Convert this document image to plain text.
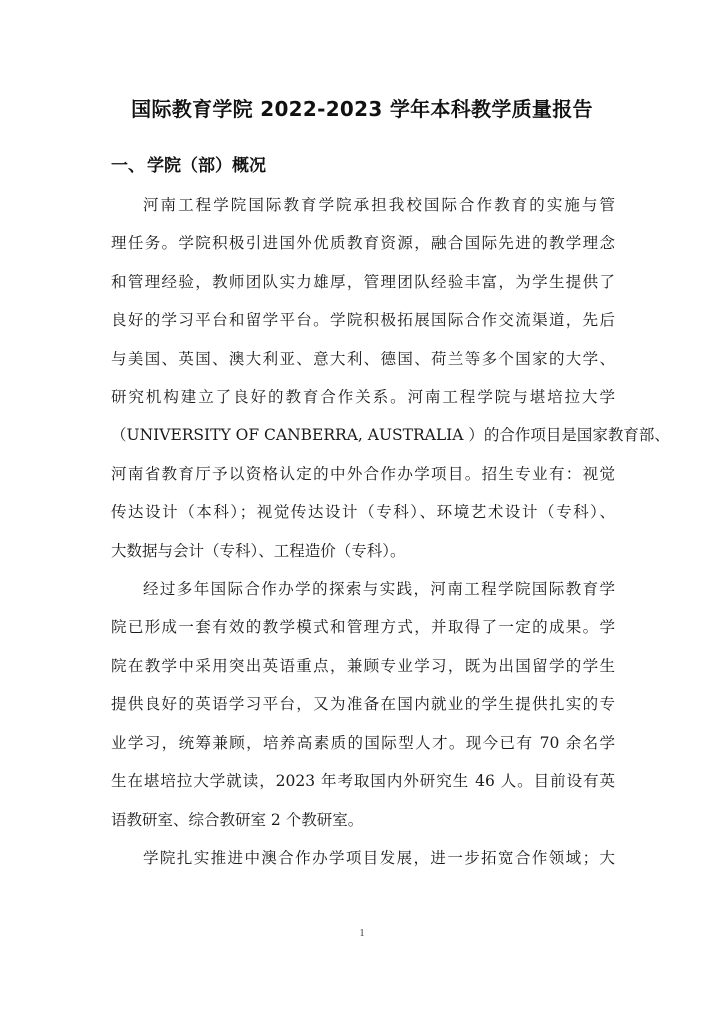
国际教育学院 2022-2023 学年本科教学质量报告
一、 学院（部）概况

河南工程学院国际教育学院承担我校国际合作教育的实施与管
理任务。学院积极引进国外优质教育资源，融合国际先进的教学理念
和管理经验，教师团队实力雄厚，管理团队经验丰富，为学生提供了
良好的学习平台和留学平台。学院积极拓展国际合作交流渠道，先后
与美国、英国、澳大利亚、意大利、德国、荷兰等多个国家的大学、
研究机构建立了良好的教育合作关系。河南工程学院与堪培拉大学
（UNIVERSITY OF CANBERRA, AUSTRALIA ）的合作项目是国家教育部、
河南省教育厅予以资格认定的中外合作办学项目。招生专业有：视觉
传达设计（本科）；视觉传达设计（专科）、环境艺术设计（专科）、
大数据与会计（专科）、工程造价（专科）。

经过多年国际合作办学的探索与实践，河南工程学院国际教育学
院已形成一套有效的教学模式和管理方式，并取得了一定的成果。学
院在教学中采用突出英语重点，兼顾专业学习，既为出国留学的学生
提供良好的英语学习平台，又为准备在国内就业的学生提供扎实的专
业学习，统筹兼顾，培养高素质的国际型人才。现今已有 70 余名学
生在堪培拉大学就读，2023 年考取国内外研究生 46 人。目前设有英
语教研室、综合教研室 2 个教研室。

学院扎实推进中澳合作办学项目发展，进一步拓宽合作领域；大

1
